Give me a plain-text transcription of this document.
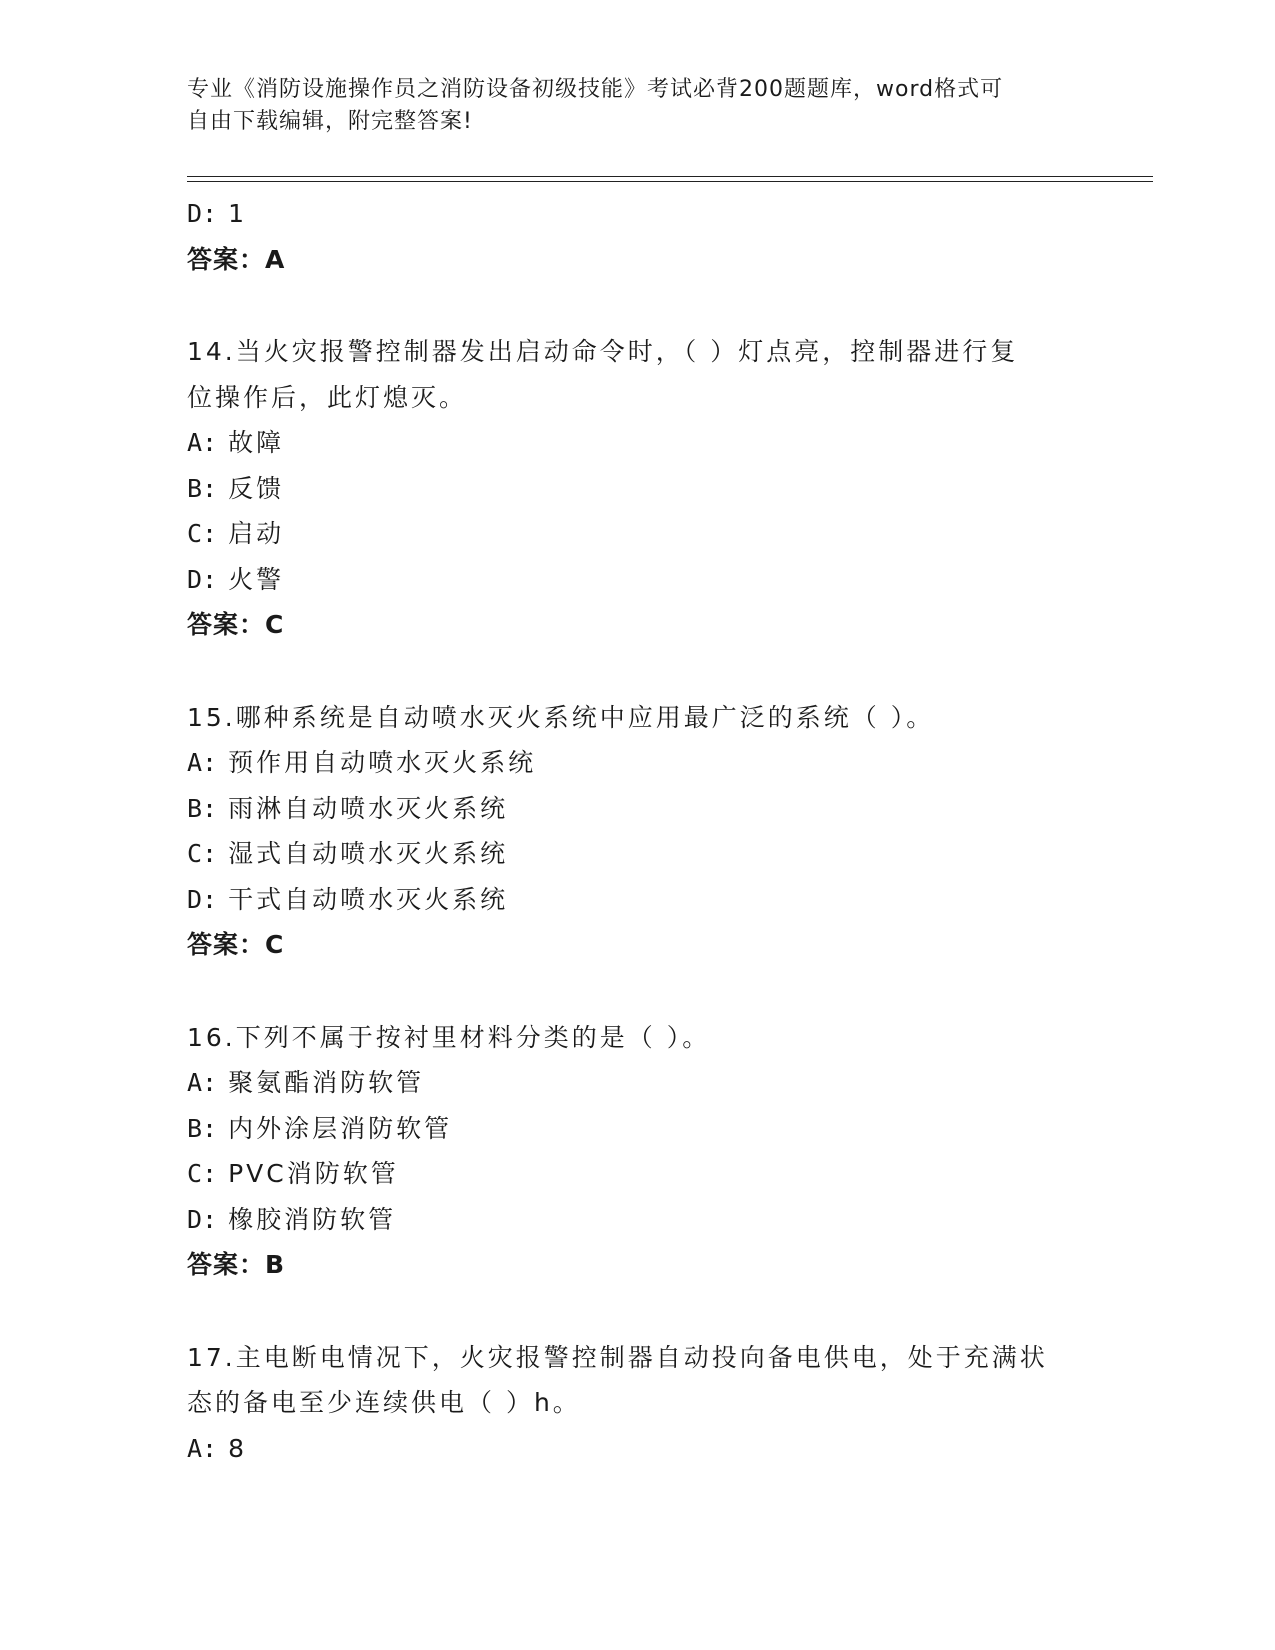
专业《消防设施操作员之消防设备初级技能》考试必背200题题库，word格式可
自由下载编辑，附完整答案!
D: 1
答案：A
14.当火灾报警控制器发出启动命令时，（ ）灯点亮，控制器进行复
位操作后，此灯熄灭。
A: 故障
B: 反馈
C: 启动
D: 火警
答案：C
15.哪种系统是自动喷水灭火系统中应用最广泛的系统（ ）。
A: 预作用自动喷水灭火系统
B: 雨淋自动喷水灭火系统
C: 湿式自动喷水灭火系统
D: 干式自动喷水灭火系统
答案：C
16.下列不属于按衬里材料分类的是（ ）。
A: 聚氨酯消防软管
B: 内外涂层消防软管
C: PVC消防软管
D: 橡胶消防软管
答案：B
17.主电断电情况下，火灾报警控制器自动投向备电供电，处于充满状
态的备电至少连续供电（ ）h。
A: 8
